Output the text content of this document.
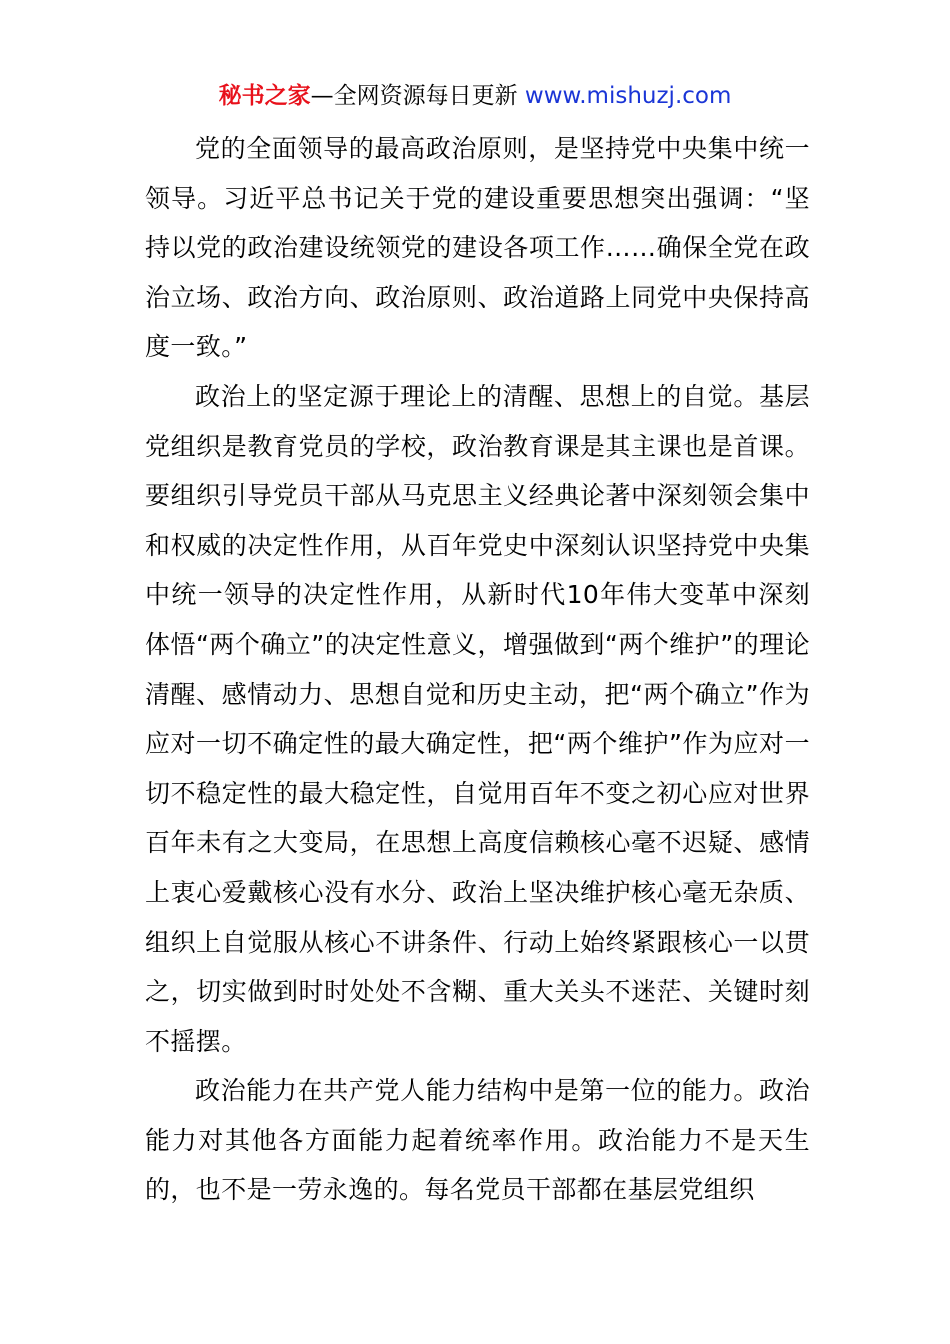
秘书之家—全网资源每日更新 www.mishuzj.com

党的全面领导的最高政治原则，是坚持党中央集中统一领导。习近平总书记关于党的建设重要思想突出强调：“坚持以党的政治建设统领党的建设各项工作……确保全党在政治立场、政治方向、政治原则、政治道路上同党中央保持高度一致。”

政治上的坚定源于理论上的清醒、思想上的自觉。基层党组织是教育党员的学校，政治教育课是其主课也是首课。要组织引导党员干部从马克思主义经典论著中深刻领会集中和权威的决定性作用，从百年党史中深刻认识坚持党中央集中统一领导的决定性作用，从新时代10年伟大变革中深刻体悟“两个确立”的决定性意义，增强做到“两个维护”的理论清醒、感情动力、思想自觉和历史主动，把“两个确立”作为应对一切不确定性的最大确定性，把“两个维护”作为应对一切不稳定性的最大稳定性，自觉用百年不变之初心应对世界百年未有之大变局，在思想上高度信赖核心毫不迟疑、感情上衷心爱戴核心没有水分、政治上坚决维护核心毫无杂质、组织上自觉服从核心不讲条件、行动上始终紧跟核心一以贯之，切实做到时时处处不含糊、重大关头不迷茫、关键时刻不摇摆。

政治能力在共产党人能力结构中是第一位的能力。政治能力对其他各方面能力起着统率作用。政治能力不是天生的，也不是一劳永逸的。每名党员干部都在基层党组织
